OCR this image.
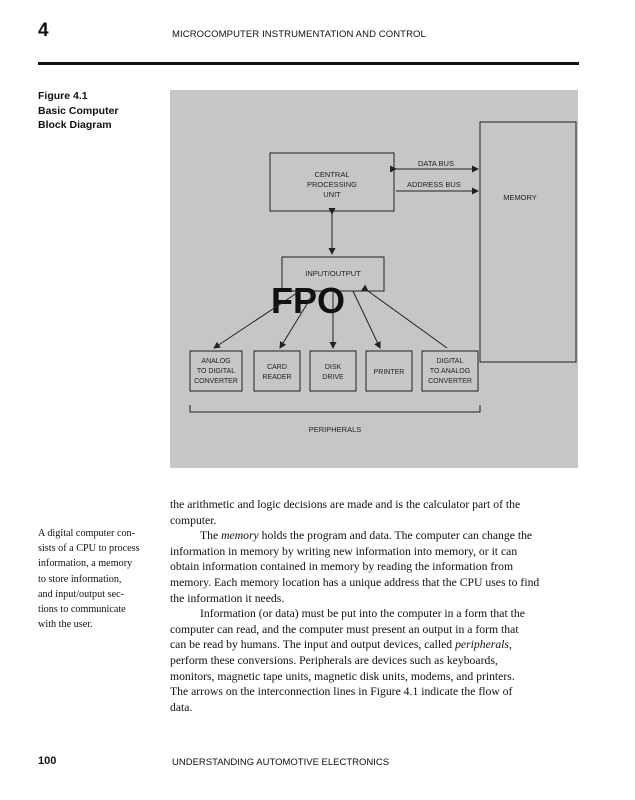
4	MICROCOMPUTER INSTRUMENTATION AND CONTROL
Figure 4.1
Basic Computer
Block Diagram
CENTRAL
PROCESSING
UNIT	MEMORY
DATA BUS
ADDRESS BUS
INPUT/OUTPUT
FPO
ANALOG
TO DIGITAL
CONVERTER
CARD
READER
DISK
DRIVE
PRINTER
DIGITAL
TO ANALOG
CONVERTER
PERIPHERALS
A digital computer con-
sists of a CPU to process
information, a memory
to store information,
and input/output sec-
tions to communicate
with the user.
the arithmetic and logic decisions are made and is the calculator part of the
computer.
The memory holds the program and data. The computer can change the
information in memory by writing new information into memory, or it can
obtain information contained in memory by reading the information from
memory. Each memory location has a unique address that the CPU uses to find
the information it needs.
Information (or data) must be put into the computer in a form that the
computer can read, and the computer must present an output in a form that
can be read by humans. The input and output devices, called peripherals,
perform these conversions. Peripherals are devices such as keyboards,
monitors, magnetic tape units, magnetic disk units, modems, and printers.
The arrows on the interconnection lines in Figure 4.1 indicate the flow of
data.
100	UNDERSTANDING AUTOMOTIVE ELECTRONICS
